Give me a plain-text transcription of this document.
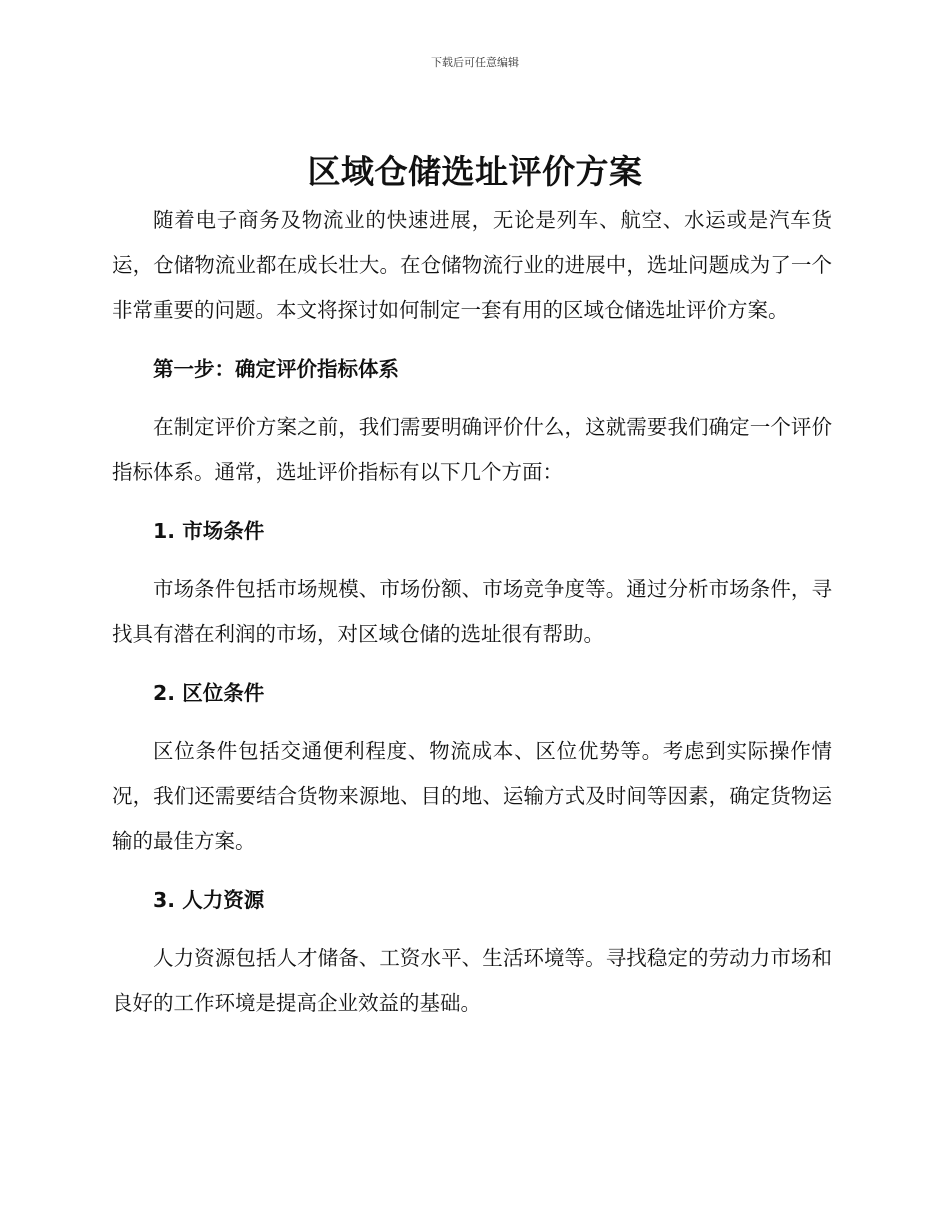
下载后可任意编辑
区域仓储选址评价方案

随着电子商务及物流业的快速进展，无论是列车、航空、水运或是汽车货运，仓储物流业都在成长壮大。在仓储物流行业的进展中，选址问题成为了一个非常重要的问题。本文将探讨如何制定一套有用的区域仓储选址评价方案。

第一步：确定评价指标体系

在制定评价方案之前，我们需要明确评价什么，这就需要我们确定一个评价指标体系。通常，选址评价指标有以下几个方面：

1. 市场条件

市场条件包括市场规模、市场份额、市场竞争度等。通过分析市场条件，寻找具有潜在利润的市场，对区域仓储的选址很有帮助。

2. 区位条件

区位条件包括交通便利程度、物流成本、区位优势等。考虑到实际操作情况，我们还需要结合货物来源地、目的地、运输方式及时间等因素，确定货物运输的最佳方案。

3. 人力资源

人力资源包括人才储备、工资水平、生活环境等。寻找稳定的劳动力市场和良好的工作环境是提高企业效益的基础。
